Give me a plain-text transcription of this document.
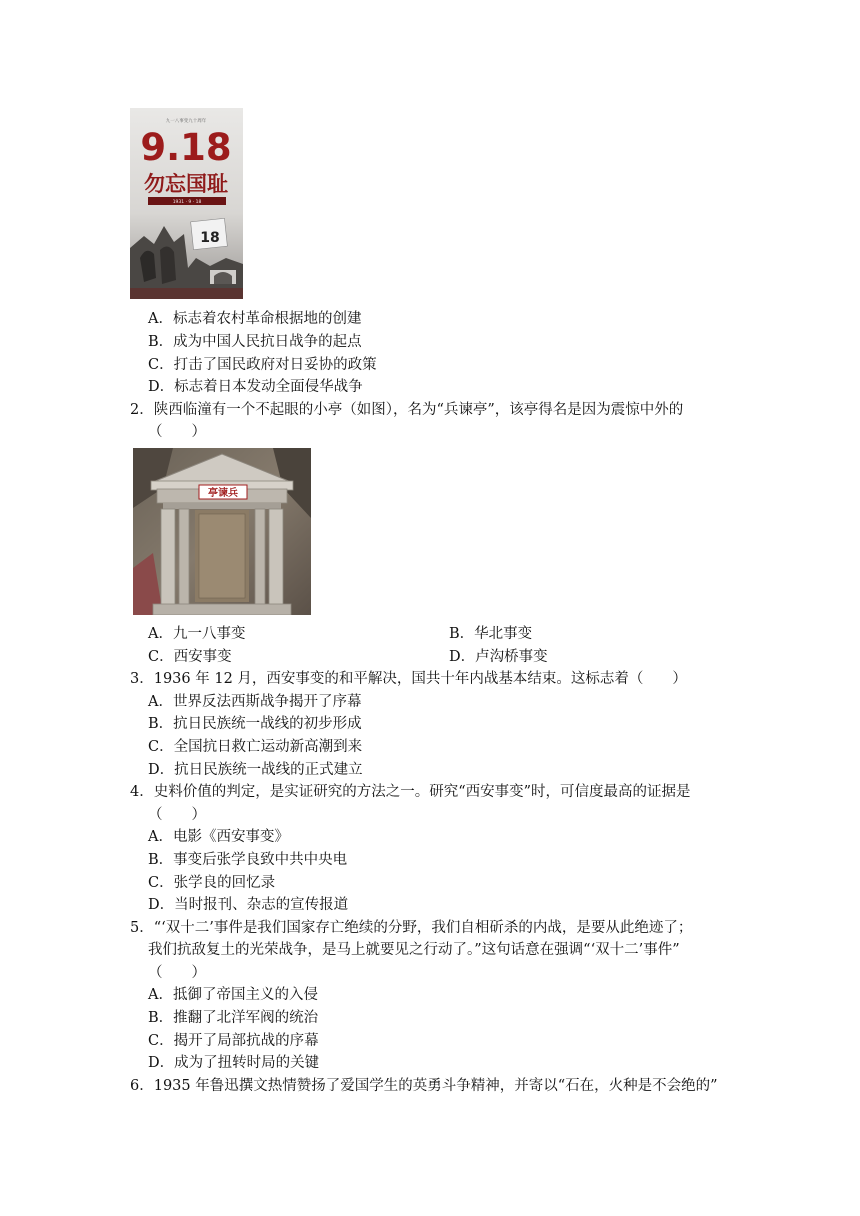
九一八事变九十周年
9.18
勿忘国耻
1931 · 9 · 18
18
A．标志着农村革命根据地的创建
B．成为中国人民抗日战争的起点
C．打击了国民政府对日妥协的政策
D．标志着日本发动全面侵华战争
2．陕西临潼有一个不起眼的小亭（如图），名为“兵谏亭”，该亭得名是因为震惊中外的
（　　）
亭谏兵
A．九一八事变	B．华北事变
C．西安事变	D．卢沟桥事变
3．1936 年 12 月，西安事变的和平解决，国共十年内战基本结束。这标志着（　　）
A．世界反法西斯战争揭开了序幕
B．抗日民族统一战线的初步形成
C．全国抗日救亡运动新高潮到来
D．抗日民族统一战线的正式建立
4．史料价值的判定，是实证研究的方法之一。研究“西安事变”时，可信度最高的证据是
（　　）
A．电影《西安事变》
B．事变后张学良致中共中央电
C．张学良的回忆录
D．当时报刊、杂志的宣传报道
5．“‘双十二’事件是我们国家存亡绝续的分野，我们自相斫杀的内战，是要从此绝迹了；
我们抗敌复土的光荣战争，是马上就要见之行动了。”这句话意在强调“‘双十二’事件”
（　　）
A．抵御了帝国主义的入侵
B．推翻了北洋军阀的统治
C．揭开了局部抗战的序幕
D．成为了扭转时局的关键
6．1935 年鲁迅撰文热情赞扬了爱国学生的英勇斗争精神，并寄以“石在，火种是不会绝的”
